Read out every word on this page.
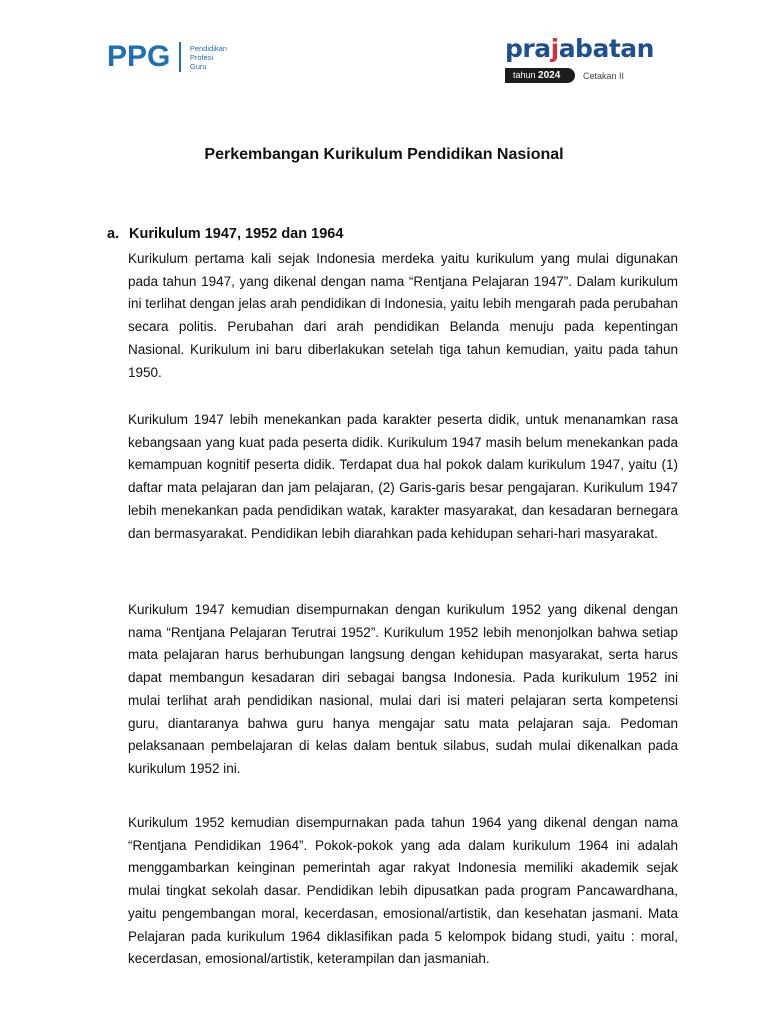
PPG	Pendidikan
Profesi
Guru
prajabatan
tahun 2024	Cetakan II
Perkembangan Kurikulum Pendidikan Nasional
a. Kurikulum 1947, 1952 dan 1964

Kurikulum pertama kali sejak Indonesia merdeka yaitu kurikulum yang mulai digunakan pada tahun 1947, yang dikenal dengan nama “Rentjana Pelajaran 1947”. Dalam kurikulum ini terlihat dengan jelas arah pendidikan di Indonesia, yaitu lebih mengarah pada perubahan secara politis. Perubahan dari arah pendidikan Belanda menuju pada kepentingan Nasional. Kurikulum ini baru diberlakukan setelah tiga tahun kemudian, yaitu pada tahun 1950.

Kurikulum 1947 lebih menekankan pada karakter peserta didik, untuk menanamkan rasa kebangsaan yang kuat pada peserta didik. Kurikulum 1947 masih belum menekankan pada kemampuan kognitif peserta didik. Terdapat dua hal pokok dalam kurikulum 1947, yaitu (1) daftar mata pelajaran dan jam pelajaran, (2) Garis-garis besar pengajaran. Kurikulum 1947 lebih menekankan pada pendidikan watak, karakter masyarakat, dan kesadaran bernegara dan bermasyarakat. Pendidikan lebih diarahkan pada kehidupan sehari-hari masyarakat.

Kurikulum 1947 kemudian disempurnakan dengan kurikulum 1952 yang dikenal dengan nama “Rentjana Pelajaran Terutrai 1952”. Kurikulum 1952 lebih menonjolkan bahwa setiap mata pelajaran harus berhubungan langsung dengan kehidupan masyarakat, serta harus dapat membangun kesadaran diri sebagai bangsa Indonesia. Pada kurikulum 1952 ini mulai terlihat arah pendidikan nasional, mulai dari isi materi pelajaran serta kompetensi guru, diantaranya bahwa guru hanya mengajar satu mata pelajaran saja. Pedoman pelaksanaan pembelajaran di kelas dalam bentuk silabus, sudah mulai dikenalkan pada kurikulum 1952 ini.

Kurikulum 1952 kemudian disempurnakan pada tahun 1964 yang dikenal dengan nama “Rentjana Pendidikan 1964”. Pokok-pokok yang ada dalam kurikulum 1964 ini adalah menggambarkan keinginan pemerintah agar rakyat Indonesia memiliki akademik sejak mulai tingkat sekolah dasar. Pendidikan lebih dipusatkan pada program Pancawardhana, yaitu pengembangan moral, kecerdasan, emosional/artistik, dan kesehatan jasmani. Mata Pelajaran pada kurikulum 1964 diklasifikan pada 5 kelompok bidang studi, yaitu : moral, kecerdasan, emosional/artistik, keterampilan dan jasmaniah.
